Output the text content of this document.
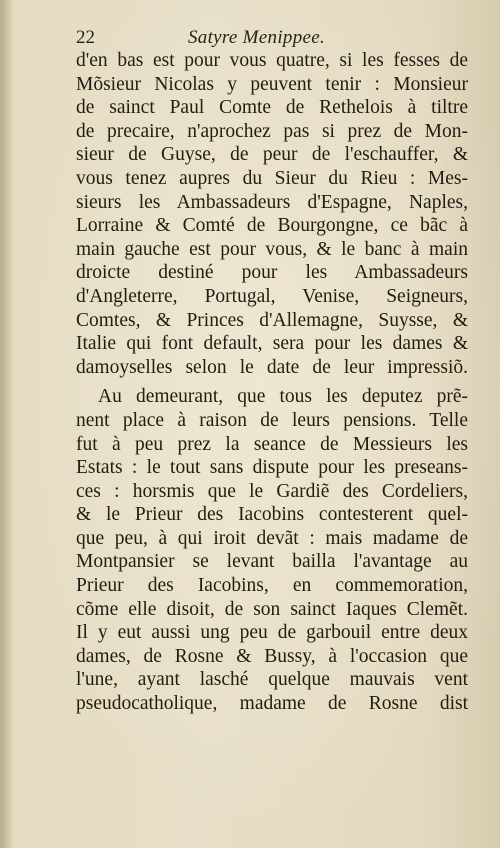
22	Satyre Menippee.
d'en bas est pour vous quatre, si les fesses de
Mõsieur Nicolas y peuvent tenir : Monsieur
de sainct Paul Comte de Rethelois à tiltre
de precaire, n'aprochez pas si prez de Mon-
sieur de Guyse, de peur de l'eschauffer, &
vous tenez aupres du Sieur du Rieu : Mes-
sieurs les Ambassadeurs d'Espagne, Naples,
Lorraine & Comté de Bourgongne, ce bãc à
main gauche est pour vous, & le banc à main
droicte destiné pour les Ambassadeurs
d'Angleterre, Portugal, Venise, Seigneurs,
Comtes, & Princes d'Allemagne, Suysse, &
Italie qui font default, sera pour les dames &
damoyselles selon le date de leur impressiõ.
Au demeurant, que tous les deputez prẽ-
nent place à raison de leurs pensions. Telle
fut à peu prez la seance de Messieurs les
Estats : le tout sans dispute pour les preseans-
ces : horsmis que le Gardiẽ des Cordeliers,
& le Prieur des Iacobins contesterent quel-
que peu, à qui iroit devãt : mais madame de
Montpansier se levant bailla l'avantage au
Prieur des Iacobins, en commemoration,
cõme elle disoit, de son sainct Iaques Clemẽt.
Il y eut aussi ung peu de garbouil entre deux
dames, de Rosne & Bussy, à l'occasion que
l'une, ayant lasché quelque mauvais vent
pseudocatholique, madame de Rosne dist
